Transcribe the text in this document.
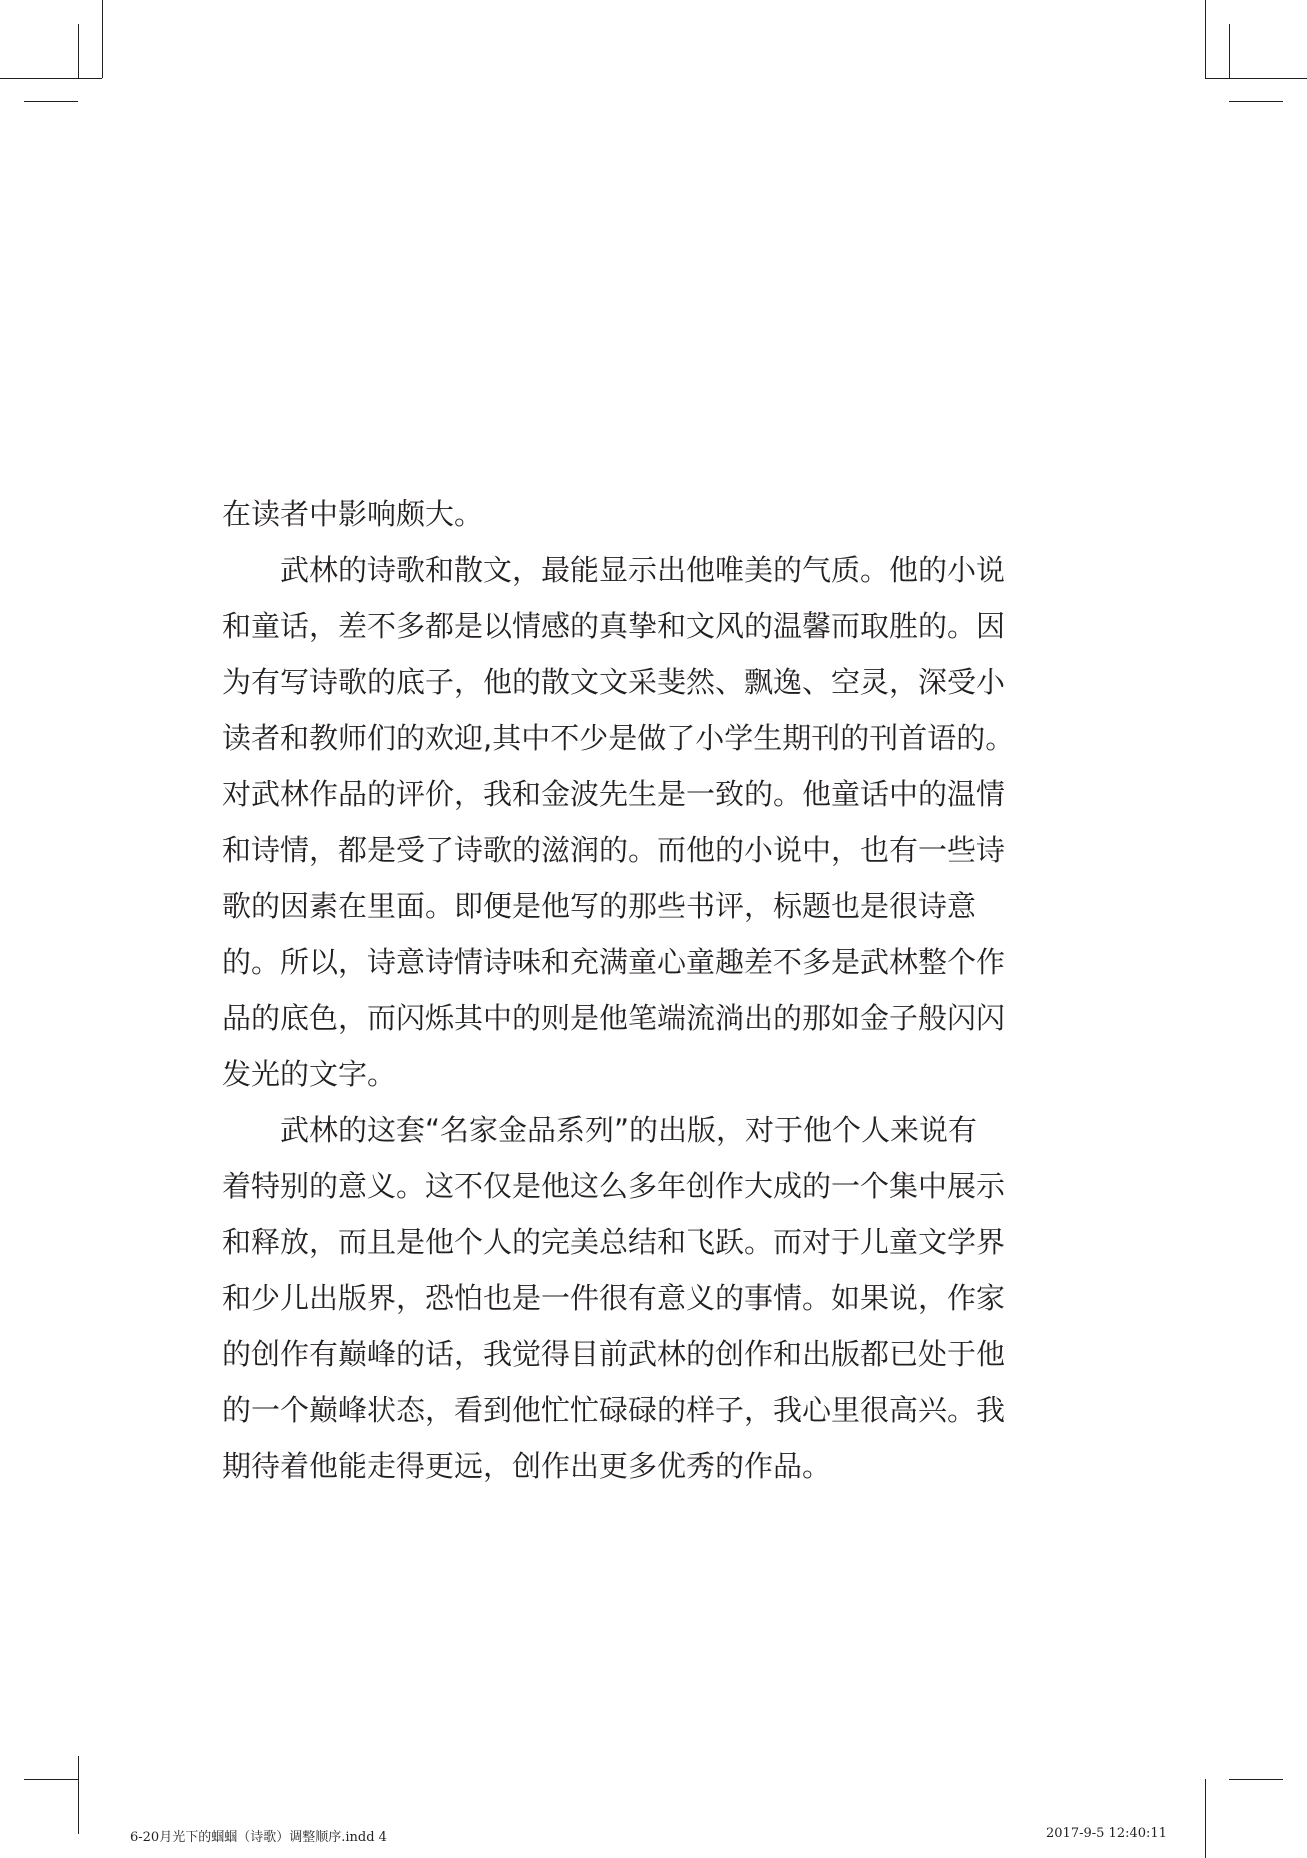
在读者中影响颇大。
武林的诗歌和散文，最能显示出他唯美的气质。他的小说
和童话，差不多都是以情感的真挚和文风的温馨而取胜的。因
为有写诗歌的底子，他的散文文采斐然、飘逸、空灵，深受小
读者和教师们的欢迎,其中不少是做了小学生期刊的刊首语的。
对武林作品的评价，我和金波先生是一致的。他童话中的温情
和诗情，都是受了诗歌的滋润的。而他的小说中，也有一些诗
歌的因素在里面。即便是他写的那些书评，标题也是很诗意
的。所以，诗意诗情诗味和充满童心童趣差不多是武林整个作
品的底色，而闪烁其中的则是他笔端流淌出的那如金子般闪闪
发光的文字。
武林的这套“名家金品系列”的出版，对于他个人来说有
着特别的意义。这不仅是他这么多年创作大成的一个集中展示
和释放，而且是他个人的完美总结和飞跃。而对于儿童文学界
和少儿出版界，恐怕也是一件很有意义的事情。如果说，作家
的创作有巅峰的话，我觉得目前武林的创作和出版都已处于他
的一个巅峰状态，看到他忙忙碌碌的样子，我心里很高兴。我
期待着他能走得更远，创作出更多优秀的作品。
6-20月光下的蝈蝈（诗歌）调整顺序.indd 4	2017-9-5 12:40:11
